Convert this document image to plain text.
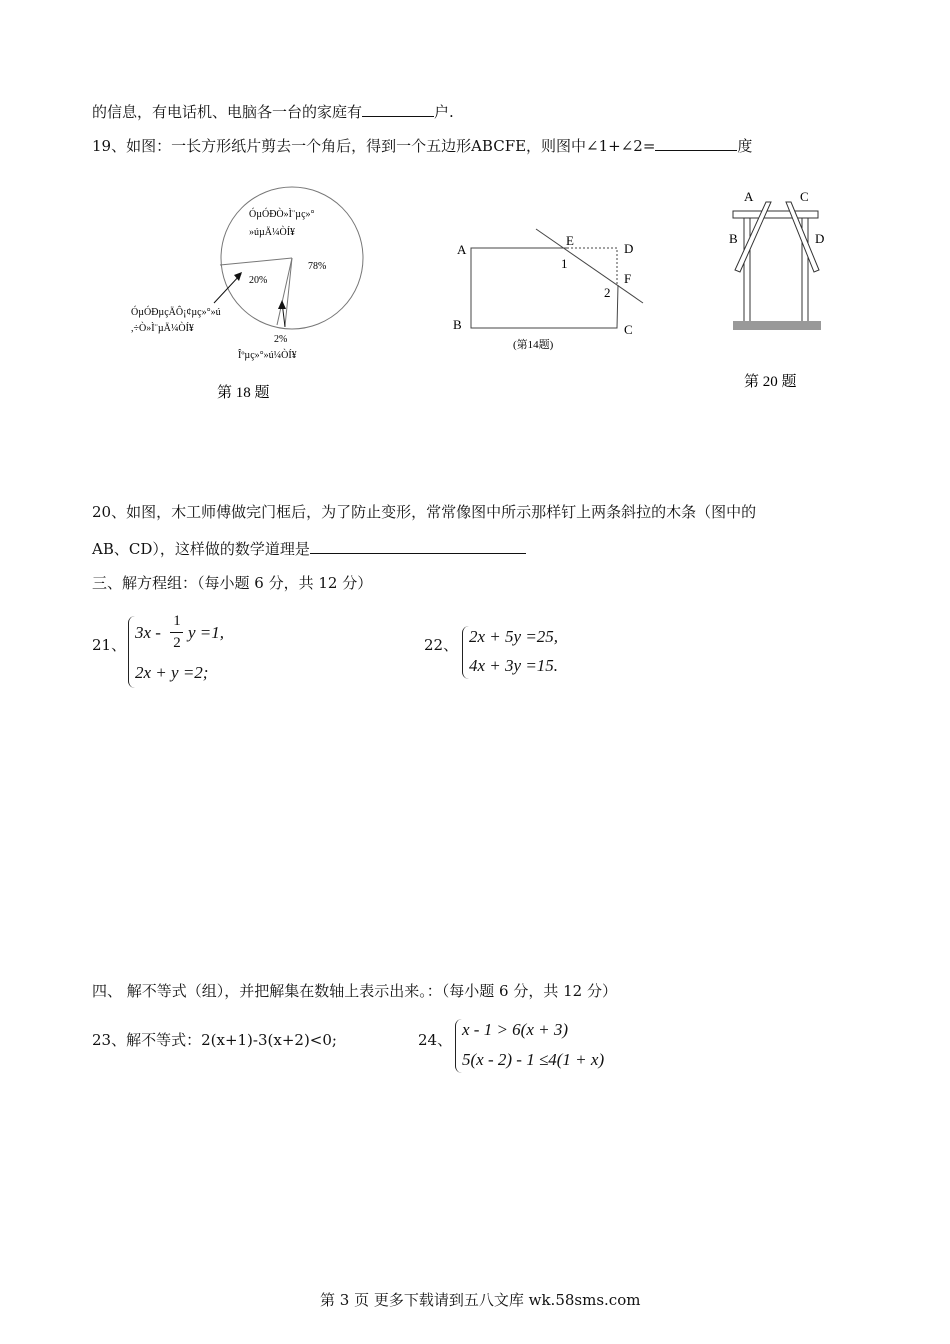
的信息，有电话机、电脑各一台的家庭有	户.
19、如图：一长方形纸片剪去一个角后，得到一个五边形ABCFE，则图中∠1+∠2=	度
ÓµÓÐÒ»Ì¨µç»°
»úµÄ¼ÒÍ¥
78%
20%
ÓµÓÐµçÄÔ¡¢µç»°»ú
,÷Ò»Ì¨µÄ¼ÒÍ¥
2%
Îºµç»°»ú¼ÒÍ¥
第 18 题
A
B	C
D
E
F
1
2
(第14题)
A
B
C
D
第 20 题
20、如图，木工师傅做完门框后，为了防止变形，常常像图中所示那样钉上两条斜拉的木条（图中的
AB、CD），这样做的数学道理是
三、解方程组：（每小题 6 分，共 12 分）
21、
3x -
1
2
y =1,
2x + y =2;
22、 2x + 5y =25,
4x + 3y =15.
四、 解不等式（组），并把解集在数轴上表示出来。：（每小题 6 分，共 12 分）
23、解不等式：2(x+1)-3(x+2)<0;	24、
x - 1 > 6(x + 3)
5(x - 2) - 1 ≤4(1 + x)
第 3 页 更多下载请到五八文库 wk.58sms.com
